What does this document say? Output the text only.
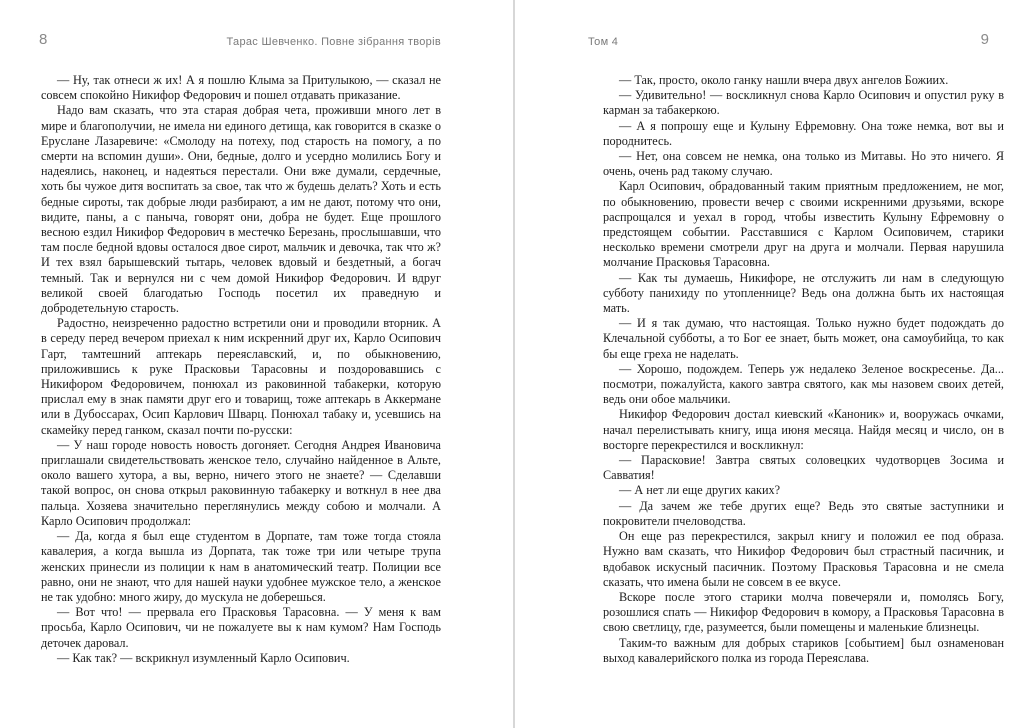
8	Тарас Шевченко. Повне зібрання творів

— Ну, так отнеси ж их! А я пошлю Клыма за Притулыкою, — сказал не совсем спокойно Никифор Федорович и пошел отдавать приказание.

Надо вам сказать, что эта старая добрая чета, проживши много лет в мире и благополучии, не имела ни единого детища, как говорится в сказке о Еруслане Лазаревиче: «Смолоду на потеху, под старость на помогу, а по смерти на вспомин души». Они, бедные, долго и усердно молились Богу и надеялись, наконец, и надеяться перестали. Они вже думали, сердечные, хоть бы чужое дитя воспитать за свое, так что ж будешь делать? Хоть и есть бедные сироты, так добрые люди разбирают, а им не дают, потому что они, видите, паны, а с паныча, говорят они, добра не будет. Еще прошлого весною ездил Никифор Федорович в местечко Березань, прослышавши, что там после бедной вдовы осталося двое сирот, мальчик и девочка, так что ж? И тех взял барышевский тытарь, человек вдовый и бездетный, а богач темный. Так и вернулся ни с чем домой Никифор Федорович. И вдруг великой своей благодатью Господь посетил их праведную и добродетельную старость.

Радостно, неизреченно радостно встретили они и проводили вторник. А в середу перед вечером приехал к ним искренний друг их, Карло Осипович Гарт, тамтешний аптекарь переяславский, и, по обыкновению, приложившись к руке Прасковьи Тарасовны и поздоровавшись с Никифором Федоровичем, понюхал из раковинной табакерки, которую прислал ему в знак памяти друг его и товарищ, тоже аптекарь в Аккермане или в Дубоссарах, Осип Карлович Шварц. Понюхал табаку и, усевшись на скамейку перед ганком, сказал почти по-русски:

— У наш городе новость новость догоняет. Сегодня Андрея Ивановича приглашали свидетельствовать женское тело, случайно найденное в Альте, около вашего хутора, а вы, верно, ничего этого не знаете? — Сделавши такой вопрос, он снова открыл раковинную табакерку и воткнул в нее два пальца. Хозяева значительно переглянулись между собою и молчали. А Карло Осипович продолжал:

— Да, когда я был еще студентом в Дорпате, там тоже тогда стояла кавалерия, а когда вышла из Дорпата, так тоже три или четыре трупа женских принесли из полиции к нам в анатомический театр. Полиции все равно, они не знают, что для нашей науки удобнее мужское тело, а женское не так удобно: много жиру, до мускула не доберешься.

— Вот что! — прервала его Прасковья Тарасовна. — У меня к вам просьба, Карло Осипович, чи не пожалуете вы к нам кумом? Нам Господь деточек даровал.

— Как так? — вскрикнул изумленный Карло Осипович.

Том 4	9

— Так, просто, около ганку нашли вчера двух ангелов Божиих.

— Удивительно! — воскликнул снова Карло Осипович и опустил руку в карман за табакеркою.

— А я попрошу еще и Кулыну Ефремовну. Она тоже немка, вот вы и породнитесь.

— Нет, она совсем не немка, она только из Митавы. Но это ничего. Я очень, очень рад такому случаю.

Карл Осипович, обрадованный таким приятным предложением, не мог, по обыкновению, провести вечер с своими искренними друзьями, вскоре распрощался и уехал в город, чтобы известить Кулыну Ефремовну о предстоящем событии. Расставшися с Карлом Осиповичем, старики несколько времени смотрели друг на друга и молчали. Первая нарушила молчание Прасковья Тарасовна.

— Как ты думаешь, Никифоре, не отслужить ли нам в следующую субботу панихиду по утопленнице? Ведь она должна быть их настоящая мать.

— И я так думаю, что настоящая. Только нужно будет подождать до Клечальной субботы, а то Бог ее знает, быть может, она самоубийца, то как бы еще греха не наделать.

— Хорошо, подождем. Теперь уж недалеко Зеленое воскресенье. Да... посмотри, пожалуйста, какого завтра святого, как мы назовем своих детей, ведь они обое мальчики.

Никифор Федорович достал киевский «Каноник» и, вооружась очками, начал перелистывать книгу, ища июня месяца. Найдя месяц и число, он в восторге перекрестился и воскликнул:

— Парасковие! Завтра святых соловецких чудотворцев Зосима и Савватия!

— А нет ли еще других каких?

— Да зачем же тебе других еще? Ведь это святые заступники и покровители пчеловодства.

Он еще раз перекрестился, закрыл книгу и положил ее под образа. Нужно вам сказать, что Никифор Федорович был страстный пасичник, и вдобавок искусный пасичник. Поэтому Прасковья Тарасовна и не смела сказать, что имена были не совсем в ее вкусе.

Вскоре после этого старики молча повечеряли и, помолясь Богу, розошлися спать — Никифор Федорович в комору, а Прасковья Тарасовна в свою светлицу, где, разумеется, были помещены и маленькие близнецы.

Таким-то важным для добрых стариков [событием] был ознаменован выход кавалерийского полка из города Переяслава.
